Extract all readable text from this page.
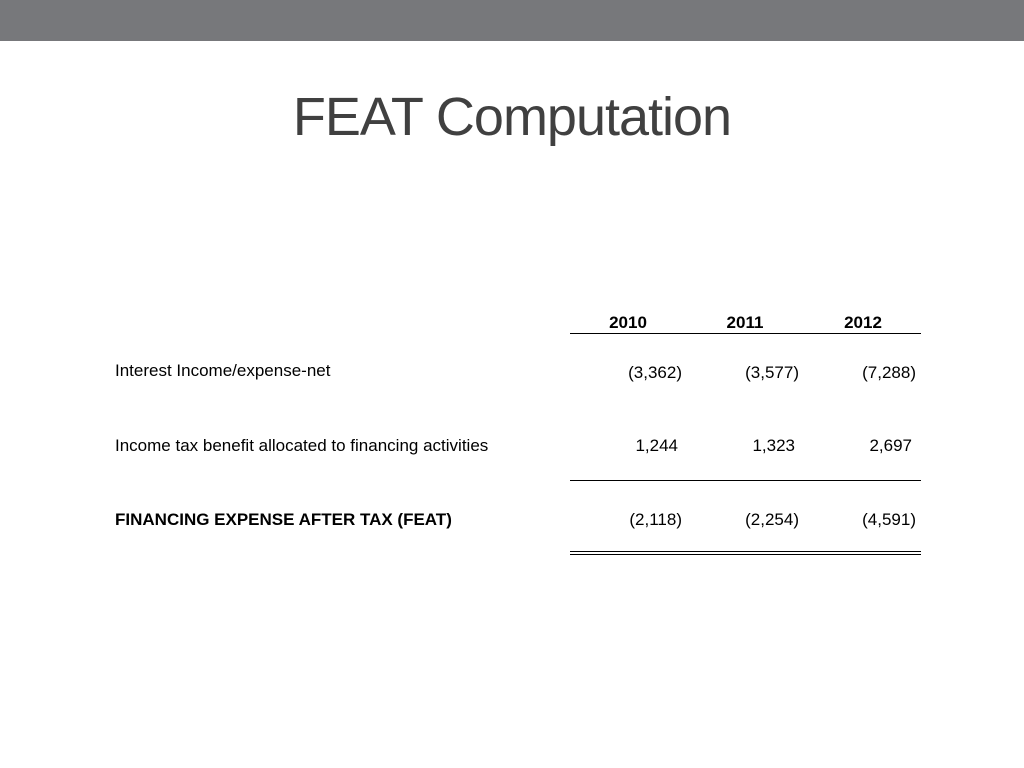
FEAT Computation
2010	2011	2012
Interest Income/expense-net	(3,362)	(3,577)	(7,288)
Income tax benefit allocated to financing activities	1,244	1,323	2,697
FINANCING EXPENSE AFTER TAX (FEAT)	(2,118)	(2,254)	(4,591)
